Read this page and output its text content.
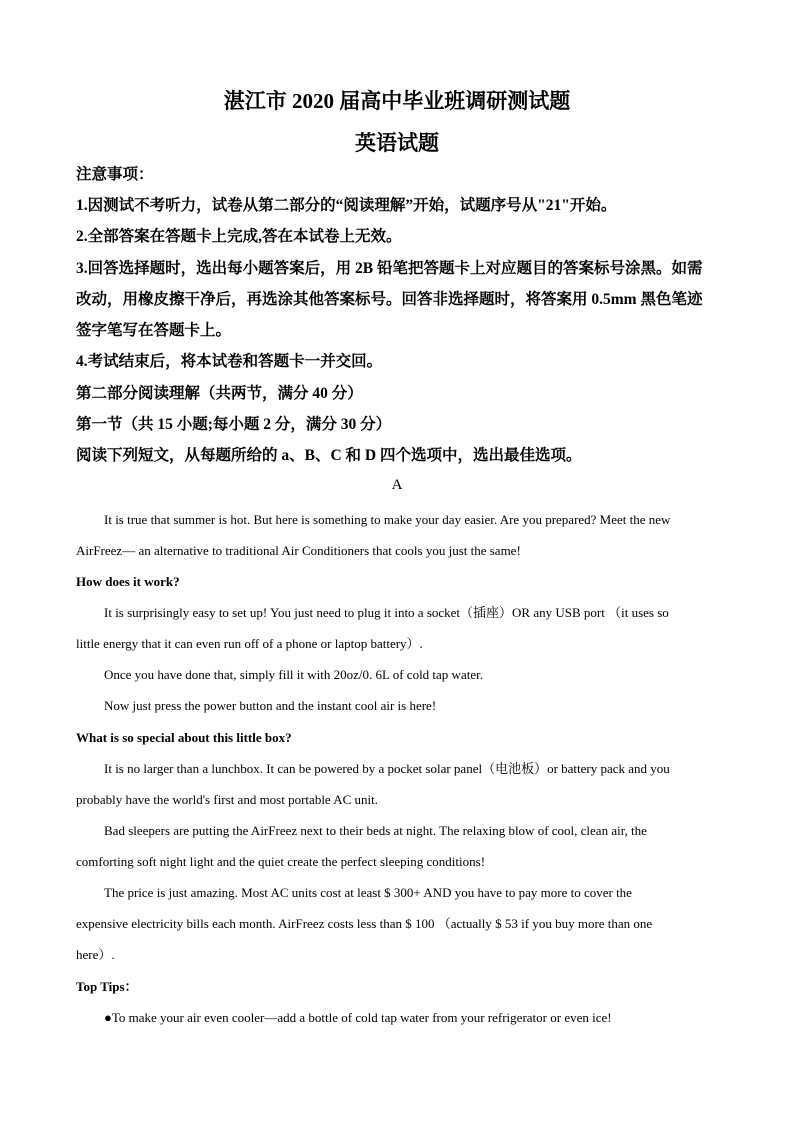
湛江市 2020 届高中毕业班调研测试题
英语试题
注意事项：
1.因测试不考听力，试卷从第二部分的“阅读理解”开始，试题序号从"21"开始。
2.全部答案在答题卡上完成,答在本试卷上无效。
3.回答选择题时，选出每小题答案后，用 2B 铅笔把答题卡上对应题目的答案标号涂黑。如需
改动，用橡皮擦干净后，再选涂其他答案标号。回答非选择题时，将答案用 0.5mm 黑色笔迹
签字笔写在答题卡上。
4.考试结束后，将本试卷和答题卡一并交回。
第二部分阅读理解（共两节，满分 40 分）
第一节（共 15 小题;每小题 2 分，满分 30 分）
阅读下列短文，从每题所给的 a、B、C 和 D 四个选项中，选出最佳选项。
A
It is true that summer is hot. But here is something to make your day easier. Are you prepared? Meet the new
AirFreez— an alternative to traditional Air Conditioners that cools you just the same!
How does it work?
It is surprisingly easy to set up! You just need to plug it into a socket（插座）OR any USB port （it uses so
little energy that it can even run off of a phone or laptop battery）.
Once you have done that, simply fill it with 20oz/0. 6L of cold tap water.
Now just press the power button and the instant cool air is here!
What is so special about this little box?
It is no larger than a lunchbox. It can be powered by a pocket solar panel（电池板）or battery pack and you
probably have the world's first and most portable AC unit.
Bad sleepers are putting the AirFreez next to their beds at night. The relaxing blow of cool, clean air, the
comforting soft night light and the quiet create the perfect sleeping conditions!
The price is just amazing. Most AC units cost at least $ 300+ AND you have to pay more to cover the
expensive electricity bills each month. AirFreez costs less than $ 100 （actually $ 53 if you buy more than one
here）.
Top Tips：
●To make your air even cooler—add a bottle of cold tap water from your refrigerator or even ice!
